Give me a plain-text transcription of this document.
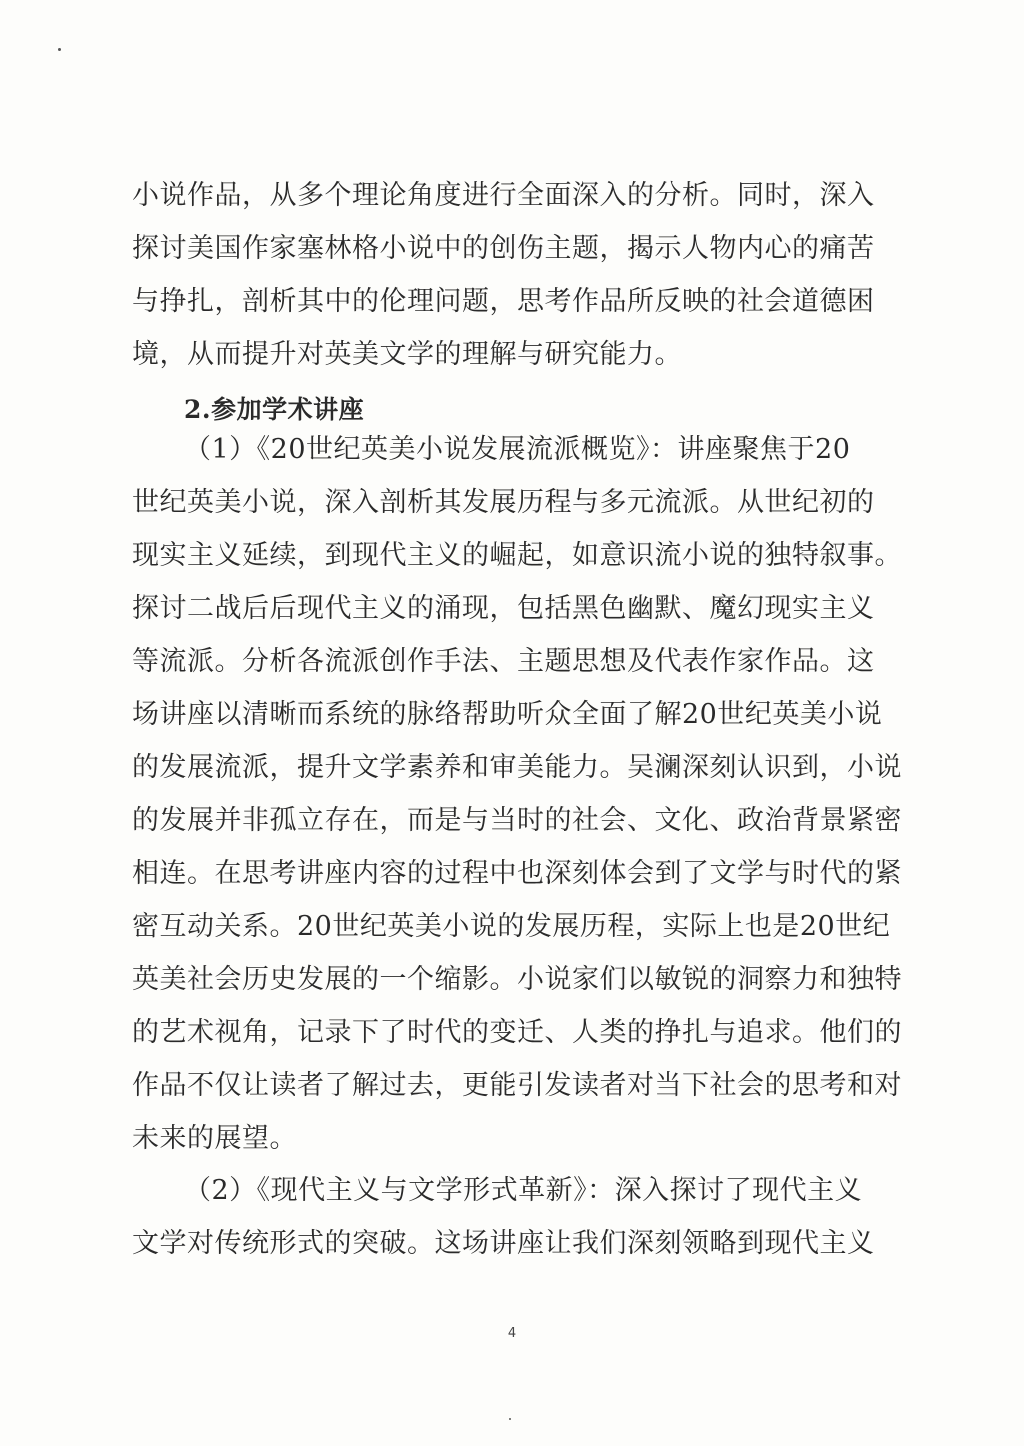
小说作品，从多个理论角度进行全面深入的分析。同时，深入
探讨美国作家塞林格小说中的创伤主题，揭示人物内心的痛苦
与挣扎，剖析其中的伦理问题，思考作品所反映的社会道德困
境，从而提升对英美文学的理解与研究能力。
2.参加学术讲座
（1）《20世纪英美小说发展流派概览》：讲座聚焦于20
世纪英美小说，深入剖析其发展历程与多元流派。从世纪初的
现实主义延续，到现代主义的崛起，如意识流小说的独特叙事。
探讨二战后后现代主义的涌现，包括黑色幽默、魔幻现实主义
等流派。分析各流派创作手法、主题思想及代表作家作品。这
场讲座以清晰而系统的脉络帮助听众全面了解20世纪英美小说
的发展流派，提升文学素养和审美能力。吴澜深刻认识到，小说
的发展并非孤立存在，而是与当时的社会、文化、政治背景紧密
相连。在思考讲座内容的过程中也深刻体会到了文学与时代的紧
密互动关系。20世纪英美小说的发展历程，实际上也是20世纪
英美社会历史发展的一个缩影。小说家们以敏锐的洞察力和独特
的艺术视角，记录下了时代的变迁、人类的挣扎与追求。他们的
作品不仅让读者了解过去，更能引发读者对当下社会的思考和对
未来的展望。
（2）《现代主义与文学形式革新》：深入探讨了现代主义
文学对传统形式的突破。这场讲座让我们深刻领略到现代主义
4
